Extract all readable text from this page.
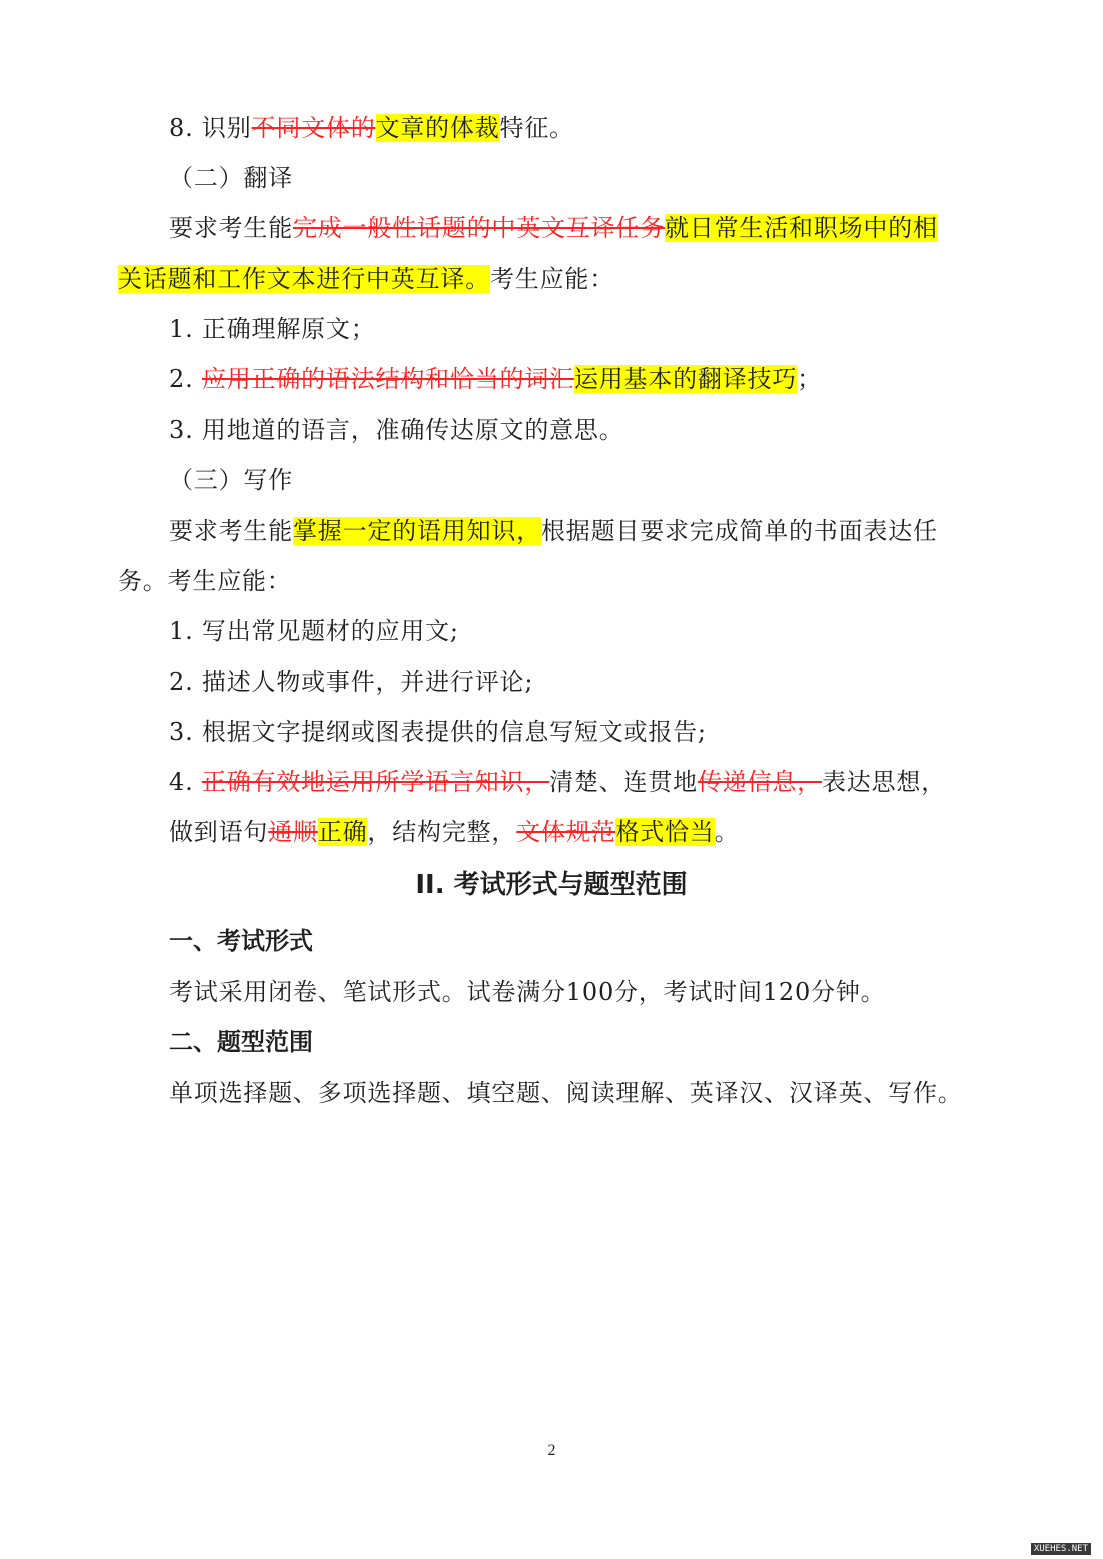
8. 识别不同文体的文章的体裁特征。
（二）翻译
要求考生能完成一般性话题的中英文互译任务就日常生活和职场中的相
关话题和工作文本进行中英互译。考生应能：
1. 正确理解原文；
2. 应用正确的语法结构和恰当的词汇运用基本的翻译技巧；
3. 用地道的语言，准确传达原文的意思。
（三）写作
要求考生能掌握一定的语用知识，根据题目要求完成简单的书面表达任
务。考生应能：
1. 写出常见题材的应用文;
2. 描述人物或事件，并进行评论;
3. 根据文字提纲或图表提供的信息写短文或报告;
4. 正确有效地运用所学语言知识，清楚、连贯地传递信息，表达思想，
做到语句通顺正确，结构完整，文体规范格式恰当。
II. 考试形式与题型范围
一、考试形式
考试采用闭卷、笔试形式。试卷满分100分，考试时间120分钟。
二、题型范围
单项选择题、多项选择题、填空题、阅读理解、英译汉、汉译英、写作。
2
XUEHES.NET
